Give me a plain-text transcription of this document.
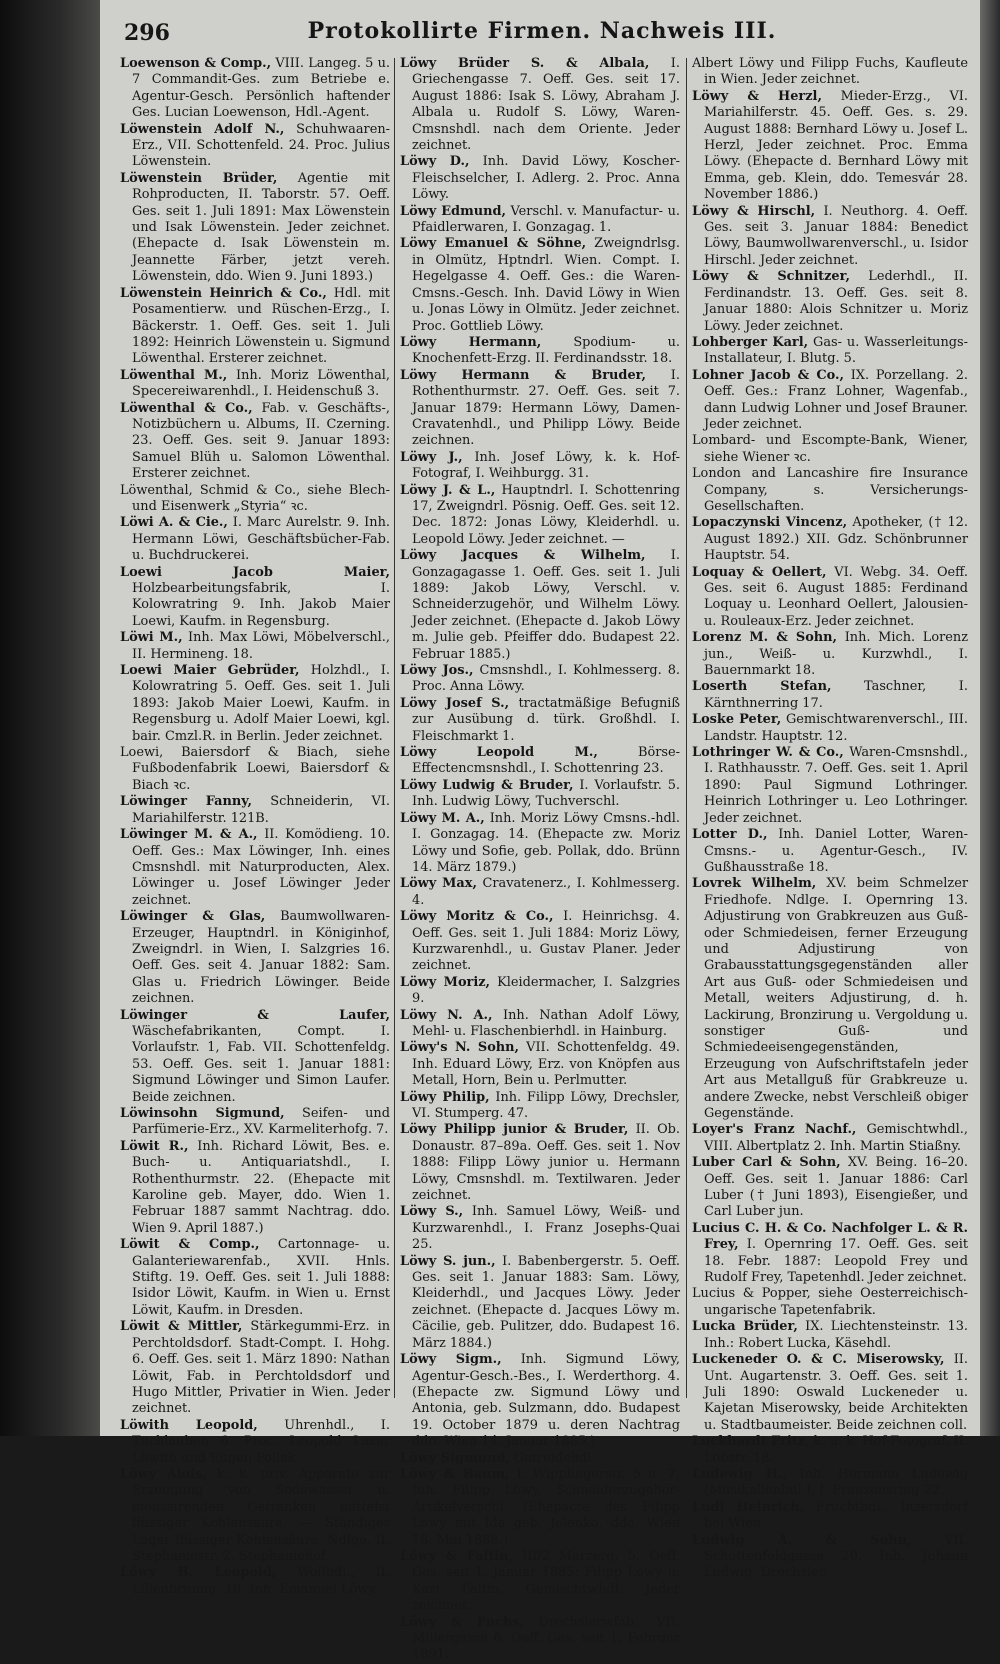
296	Protokollirte Firmen. Nachweis III.

Loewenson & Comp., VIII. Langeg. 5 u. 7 Commandit-Ges. zum Betriebe e. Agentur-Gesch. Persönlich haftender Ges. Lucian Loewenson, Hdl.-Agent.

Löwenstein Adolf N., Schuhwaaren-Erz., VII. Schottenfeld. 24. Proc. Julius Löwenstein.

Löwenstein Brüder, Agentie mit Rohproducten, II. Taborstr. 57. Oeff. Ges. seit 1. Juli 1891: Max Löwenstein und Isak Löwenstein. Jeder zeichnet. (Ehepacte d. Isak Löwenstein m. Jeannette Färber, jetzt vereh. Löwenstein, ddo. Wien 9. Juni 1893.)

Löwenstein Heinrich & Co., Hdl. mit Posamentierw. und Rüschen-Erzg., I. Bäckerstr. 1. Oeff. Ges. seit 1. Juli 1892: Heinrich Löwenstein u. Sigmund Löwenthal. Ersterer zeichnet.

Löwenthal M., Inh. Moriz Löwenthal, Specereiwarenhdl., I. Heidenschuß 3.

Löwenthal & Co., Fab. v. Geschäfts-, Notizbüchern u. Albums, II. Czerning. 23. Oeff. Ges. seit 9. Januar 1893: Samuel Blüh u. Salomon Löwenthal. Ersterer zeichnet.

Löwenthal, Schmid & Co., siehe Blech- und Eisenwerk „Styria“ ꝛc.

Löwi A. & Cie., I. Marc Aurelstr. 9. Inh. Hermann Löwi, Geschäftsbücher-Fab. u. Buchdruckerei.

Loewi Jacob Maier, Holzbearbeitungsfabrik, I. Kolowratring 9. Inh. Jakob Maier Loewi, Kaufm. in Regensburg.

Löwi M., Inh. Max Löwi, Möbelverschl., II. Hermineng. 18.

Loewi Maier Gebrüder, Holzhdl., I. Kolowratring 5. Oeff. Ges. seit 1. Juli 1893: Jakob Maier Loewi, Kaufm. in Regensburg u. Adolf Maier Loewi, kgl. bair. Cmzl.R. in Berlin. Jeder zeichnet.

Loewi, Baiersdorf & Biach, siehe Fußbodenfabrik Loewi, Baiersdorf & Biach ꝛc.

Löwinger Fanny, Schneiderin, VI. Mariahilferstr. 121B.

Löwinger M. & A., II. Komödieng. 10. Oeff. Ges.: Max Löwinger, Inh. eines Cmsnshdl. mit Naturproducten, Alex. Löwinger u. Josef Löwinger Jeder zeichnet.

Löwinger & Glas, Baumwollwaren-Erzeuger, Hauptndrl. in Königinhof, Zweigndrl. in Wien, I. Salzgries 16. Oeff. Ges. seit 4. Januar 1882: Sam. Glas u. Friedrich Löwinger. Beide zeichnen.

Löwinger & Laufer, Wäschefabrikanten, Compt. I. Vorlaufstr. 1, Fab. VII. Schottenfeldg. 53. Oeff. Ges. seit 1. Januar 1881: Sigmund Löwinger und Simon Laufer. Beide zeichnen.

Löwinsohn Sigmund, Seifen- und Parfümerie-Erz., XV. Karmeliterhofg. 7.

Löwit R., Inh. Richard Löwit, Bes. e. Buch- u. Antiquariatshdl., I. Rothenthurmstr. 22. (Ehepacte mit Karoline geb. Mayer, ddo. Wien 1. Februar 1887 sammt Nachtrag. ddo. Wien 9. April 1887.)

Löwit & Comp., Cartonnage- u. Galanteriewarenfab., XVII. Hnls. Stiftg. 19. Oeff. Ges. seit 1. Juli 1888: Isidor Löwit, Kaufm. in Wien u. Ernst Löwit, Kaufm. in Dresden.

Löwit & Mittler, Stärkegummi-Erz. in Perchtoldsdorf. Stadt-Compt. I. Hohg. 6. Oeff. Ges. seit 1. März 1890: Nathan Löwit, Fab. in Perchtoldsdorf und Hugo Mittler, Privatier in Wien. Jeder zeichnet.

Löwith Leopold, Uhrenhdl., I. Tuchlauben 6. Proc. Leopold Lazar Löwith und Eugen Pollak.

Löwy Alois, k. k. priv. Apparate zur Erzeugung von Sodawasser u. moussirenden Getränken mittelst flüssiger Kohlensäure. — Ständiges Lager flüssiger Kohlensäure, Ndlge. II. Stephaniestr. 2. Stephaniehof.

Löwy B. Leopold, Wollhdl., II. Lilienbrunng. 18. Inh. Emanuel Löwy.

Löwy Brüder S. & Albala, I. Griechengasse 7. Oeff. Ges. seit 17. August 1886: Isak S. Löwy, Abraham J. Albala u. Rudolf S. Löwy, Waren-Cmsnshdl. nach dem Oriente. Jeder zeichnet.

Löwy D., Inh. David Löwy, Koscher-Fleischselcher, I. Adlerg. 2. Proc. Anna Löwy.

Löwy Edmund, Verschl. v. Manufactur- u. Pfaidlerwaren, I. Gonzagag. 1.

Löwy Emanuel & Söhne, Zweigndrlsg. in Olmütz, Hptndrl. Wien. Compt. I. Hegelgasse 4. Oeff. Ges.: die Waren-Cmsns.-Gesch. Inh. David Löwy in Wien u. Jonas Löwy in Olmütz. Jeder zeichnet. Proc. Gottlieb Löwy.

Löwy Hermann, Spodium- u. Knochenfett-Erzg. II. Ferdinandsstr. 18.

Löwy Hermann & Bruder, I. Rothenthurmstr. 27. Oeff. Ges. seit 7. Januar 1879: Hermann Löwy, Damen-Cravatenhdl., und Philipp Löwy. Beide zeichnen.

Löwy J., Inh. Josef Löwy, k. k. Hof-Fotograf, I. Weihburgg. 31.

Löwy J. & L., Hauptndrl. I. Schottenring 17, Zweigndrl. Pösnig. Oeff. Ges. seit 12. Dec. 1872: Jonas Löwy, Kleiderhdl. u. Leopold Löwy. Jeder zeichnet. —

Löwy Jacques & Wilhelm, I. Gonzagagasse 1. Oeff. Ges. seit 1. Juli 1889: Jakob Löwy, Verschl. v. Schneiderzugehör, und Wilhelm Löwy. Jeder zeichnet. (Ehepacte d. Jakob Löwy m. Julie geb. Pfeiffer ddo. Budapest 22. Februar 1885.)

Löwy Jos., Cmsnshdl., I. Kohlmesserg. 8. Proc. Anna Löwy.

Löwy Josef S., tractatmäßige Befugniß zur Ausübung d. türk. Großhdl. I. Fleischmarkt 1.

Löwy Leopold M.,	Börse-Effectencmsnshdl., I. Schottenring 23.

Löwy Ludwig & Bruder, I. Vorlaufstr. 5. Inh. Ludwig Löwy, Tuchverschl.

Löwy M. A., Inh. Moriz Löwy Cmsns.-hdl. I. Gonzagag. 14. (Ehepacte zw. Moriz Löwy und Sofie, geb. Pollak, ddo. Brünn 14. März 1879.)

Löwy Max, Cravatenerz., I. Kohlmesserg. 4.

Löwy Moritz & Co., I. Heinrichsg. 4. Oeff. Ges. seit 1. Juli 1884: Moriz Löwy, Kurzwarenhdl., u. Gustav Planer. Jeder zeichnet.

Löwy Moriz, Kleidermacher, I. Salzgries 9.

Löwy N. A., Inh. Nathan Adolf Löwy, Mehl- u. Flaschenbierhdl. in Hainburg.

Löwy's N. Sohn, VII. Schottenfeldg. 49. Inh. Eduard Löwy, Erz. von Knöpfen aus Metall, Horn, Bein u. Perlmutter.

Löwy Philip, Inh. Filipp Löwy, Drechsler, VI. Stumperg. 47.

Löwy Philipp junior & Bruder, II. Ob. Donaustr. 87–89a. Oeff. Ges. seit 1. Nov 1888: Filipp Löwy junior u. Hermann Löwy, Cmsnshdl. m. Textilwaren. Jeder zeichnet.

Löwy S., Inh. Samuel Löwy, Weiß- und Kurzwarenhdl., I. Franz Josephs-Quai 25.

Löwy S. jun., I. Babenbergerstr. 5. Oeff. Ges. seit 1. Januar 1883: Sam. Löwy, Kleiderhdl., und Jacques Löwy. Jeder zeichnet. (Ehepacte d. Jacques Löwy m. Cäcilie, geb. Pulitzer, ddo. Budapest 16. März 1884.)

Löwy Sigm., Inh. Sigmund Löwy, Agentur-Gesch.-Bes., I. Werderthorg. 4. (Ehepacte zw. Sigmund Löwy und Antonia, geb. Sulzmann, ddo. Budapest 19. October 1879 u. deren Nachtrag ddo. Wien 14. Januar 1885.)

Löwy Sigmund, Getreidehdl.

Löwy & Baum, I. Wipplingerstr. 5 u. 7. Inh. Filipp Löwy, Schneiderzugehör-Artikelverschl. (Ehepacte des Filipp Löwy mit Ida geb. Jelenko, ddo. Wien 18. Mai 1888.)

Löwy & Faltin, III/2 Marzerg. 5. Oeff. Ges. seit 1. Januar 1885: Filipp Löwy u. Karl Faltin, Gemischtwhdl. Jeder zeichnet.

Löwy & Fuchs, Drechslerwfab., VII. Millergasse 6. Oeff. Ges. seit 1. Februar 1891:

Albert Löwy und Filipp Fuchs, Kaufleute in Wien. Jeder zeichnet.

Löwy & Herzl, Mieder-Erzg., VI. Mariahilferstr. 45. Oeff. Ges. s. 29. August 1888: Bernhard Löwy u. Josef L. Herzl, Jeder zeichnet. Proc. Emma Löwy. (Ehepacte d. Bernhard Löwy mit Emma, geb. Klein, ddo. Temesvár 28. November 1886.)

Löwy & Hirschl, I. Neuthorg. 4. Oeff. Ges. seit 3. Januar 1884: Benedict Löwy, Baumwollwarenverschl., u. Isidor Hirschl. Jeder zeichnet.

Löwy & Schnitzer, Lederhdl., II. Ferdinandstr. 13. Oeff. Ges. seit 8. Januar 1880: Alois Schnitzer u. Moriz Löwy. Jeder zeichnet.

Lohberger Karl, Gas- u. Wasserleitungs-Installateur, I. Blutg. 5.

Lohner Jacob & Co., IX. Porzellang. 2. Oeff. Ges.: Franz Lohner, Wagenfab., dann Ludwig Lohner und Josef Brauner. Jeder zeichnet.

Lombard- und Escompte-Bank, Wiener, siehe Wiener ꝛc.

London and Lancashire fire Insurance Company, s. Versicherungs-Gesellschaften.

Lopaczynski Vincenz, Apotheker, († 12. August 1892.) XII. Gdz. Schönbrunner Hauptstr. 54.

Loquay & Oellert, VI. Webg. 34. Oeff. Ges. seit 6. August 1885: Ferdinand Loquay u. Leonhard Oellert, Jalousien- u. Rouleaux-Erz. Jeder zeichnet.

Lorenz M. & Sohn, Inh. Mich. Lorenz jun., Weiß- u. Kurzwhdl., I. Bauernmarkt 18.

Loserth Stefan,	Taschner, I. Kärnthnerring 17.

Loske Peter, Gemischtwarenverschl., III. Landstr. Hauptstr. 12.

Lothringer W. & Co., Waren-Cmsnshdl., I. Rathhausstr. 7. Oeff. Ges. seit 1. April 1890: Paul Sigmund Lothringer. Heinrich Lothringer u. Leo Lothringer. Jeder zeichnet.

Lotter D., Inh. Daniel Lotter, Waren-Cmsns.- u. Agentur-Gesch., IV. Gußhausstraße 18.

Lovrek Wilhelm, XV. beim Schmelzer Friedhofe. Ndlge. I. Opernring 13. Adjustirung von Grabkreuzen aus Guß- oder Schmiedeisen, ferner Erzeugung und Adjustirung von Grabausstattungsgegenständen aller Art aus Guß- oder Schmiedeisen und Metall, weiters Adjustirung, d. h. Lackirung, Bronzirung u. Vergoldung u. sonstiger Guß- und Schmiedeeisengegenständen, Erzeugung von Aufschriftstafeln jeder Art aus Metallguß für Grabkreuze u. andere Zwecke, nebst Verschleiß obiger Gegenstände.

Loyer's Franz Nachf., Gemischtwhdl., VIII. Albertplatz 2. Inh. Martin Stiaßny.

Luber Carl & Sohn, XV. Being. 16–20. Oeff. Ges. seit 1. Januar 1886: Carl Luber († Juni 1893), Eisengießer, und Carl Luber jun.

Lucius C. H. & Co. Nachfolger L. & R. Frey, I. Opernring 17. Oeff. Ges. seit 18. Febr. 1887: Leopold Frey und Rudolf Frey, Tapetenhdl. Jeder zeichnet.

Lucius & Popper, siehe Oesterreichisch-ungarische Tapetenfabrik.

Lucka Brüder, IX. Liechtensteinstr. 13. Inh.: Robert Lucka, Käsehdl.

Luckeneder O. & C. Miserowsky, II. Unt. Augartenstr. 3. Oeff. Ges. seit 1. Juli 1890: Oswald Luckeneder u. Kajetan Miserowsky, beide Architekten u. Stadtbaumeister. Beide zeichnen coll.

Luckhardt Fritz, k. u. k. Hof-Fotograf, II. Lobstr. 18.

Ludewig H., Inh. Hermann Ludewig (Musikalienhdl.), I. Franzensring 22.

Ludl Heinrich, Fruchthdl., Inzersdorf bei Wien.

Ludwig A. & Sohn,	VII. Schottenfeldgasse 20. Inh. Johann Ludwig, Drechsler.
